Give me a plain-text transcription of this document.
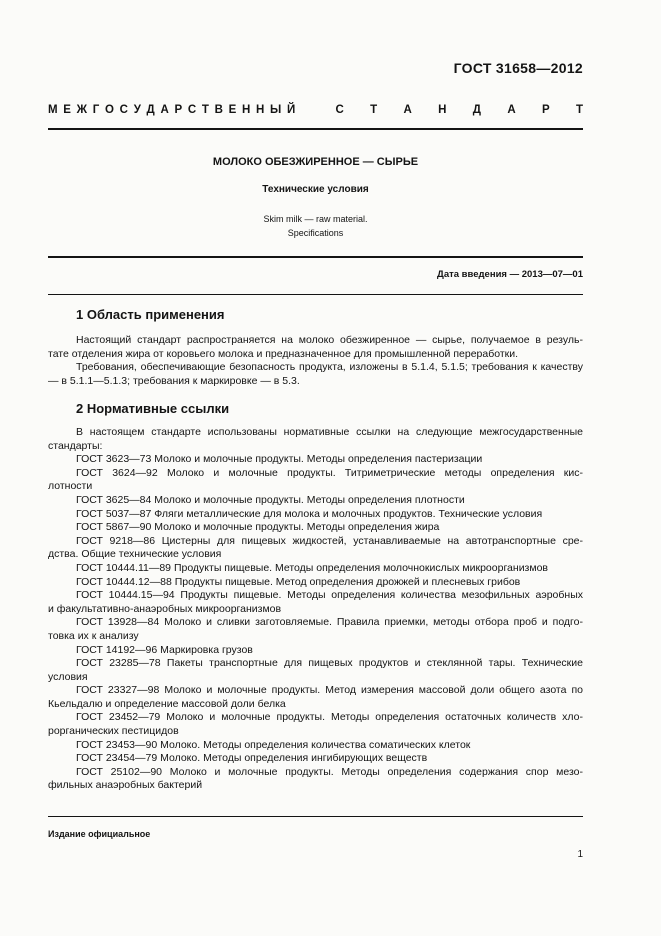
ГОСТ 31658—2012
М Е Ж Г О С У Д А Р С Т В Е Н Н Ы Й	С Т А Н Д А Р Т
МОЛОКО ОБЕЗЖИРЕННОЕ — СЫРЬЕ
Технические условия
Skim milk — raw material.
Specifications
Дата введения — 2013—07—01
1 Область применения
Настоящий стандарт распространяется на молоко обезжиренное — сырье, получаемое в резуль-
тате отделения жира от коровьего молока и предназначенное для промышленной переработки.
Требования, обеспечивающие безопасность продукта, изложены в 5.1.4, 5.1.5; требования к качеству
— в 5.1.1—5.1.3; требования к маркировке — в 5.3.
2 Нормативные ссылки
В настоящем стандарте использованы нормативные ссылки на следующие межгосударственные
стандарты:
ГОСТ 3623—73 Молоко и молочные продукты. Методы определения пастеризации
ГОСТ 3624—92 Молоко и молочные продукты. Титриметрические методы определения кис-
лотности
ГОСТ 3625—84 Молоко и молочные продукты. Методы определения плотности
ГОСТ 5037—87 Фляги металлические для молока и молочных продуктов. Технические условия
ГОСТ 5867—90 Молоко и молочные продукты. Методы определения жира
ГОСТ 9218—86 Цистерны для пищевых жидкостей, устанавливаемые на автотранспортные сре-
дства. Общие технические условия
ГОСТ 10444.11—89 Продукты пищевые. Методы определения молочнокислых микроорганизмов
ГОСТ 10444.12—88 Продукты пищевые. Метод определения дрожжей и плесневых грибов
ГОСТ 10444.15—94 Продукты пищевые. Методы определения количества мезофильных аэробных
и факультативно-анаэробных микроорганизмов
ГОСТ 13928—84 Молоко и сливки заготовляемые. Правила приемки, методы отбора проб и подго-
товка их к анализу
ГОСТ 14192—96 Маркировка грузов
ГОСТ 23285—78 Пакеты транспортные для пищевых продуктов и стеклянной тары. Технические
условия
ГОСТ 23327—98 Молоко и молочные продукты. Метод измерения массовой доли общего азота по
Кьельдалю и определение массовой доли белка
ГОСТ 23452—79 Молоко и молочные продукты. Методы определения остаточных количеств хло-
рорганических пестицидов
ГОСТ 23453—90 Молоко. Методы определения количества соматических клеток
ГОСТ 23454—79 Молоко. Методы определения ингибирующих веществ
ГОСТ 25102—90 Молоко и молочные продукты. Методы определения содержания спор мезо-
фильных анаэробных бактерий
Издание официальное
1
